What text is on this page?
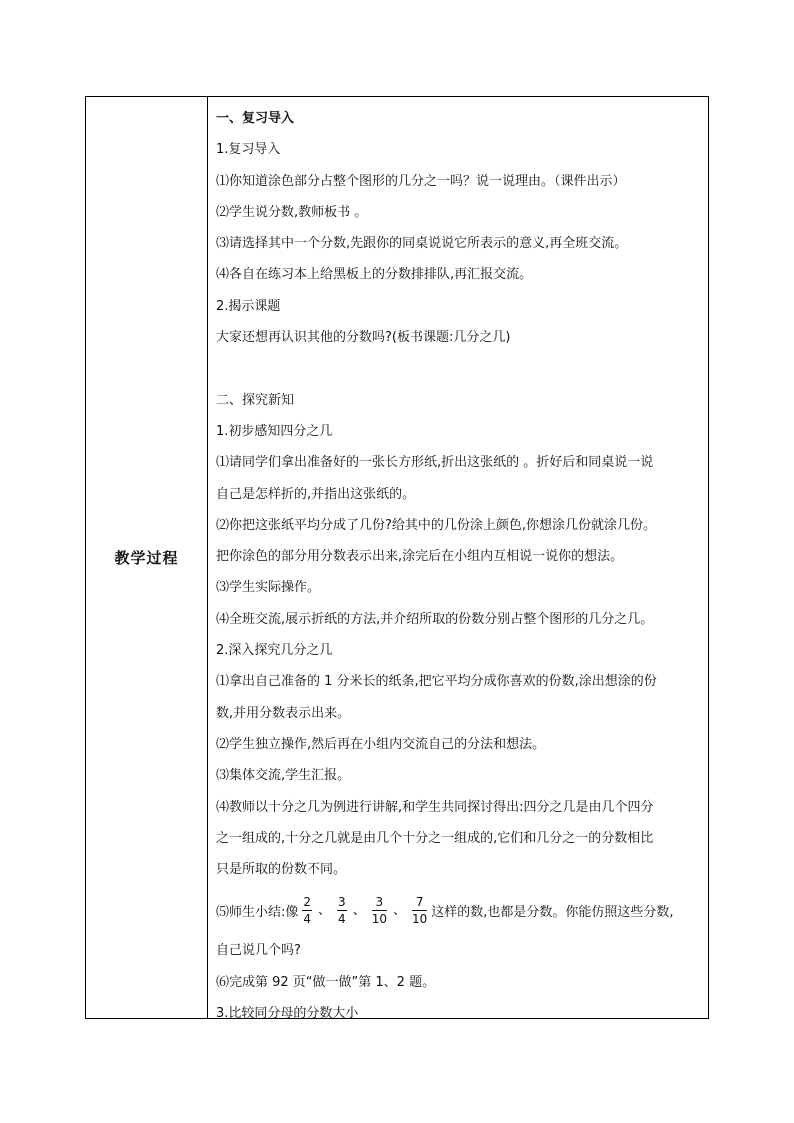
教学过程
一、复习导入
1.复习导入
⑴你知道涂色部分占整个图形的几分之一吗？说一说理由。（课件出示）
⑵学生说分数,教师板书 。
⑶请选择其中一个分数,先跟你的同桌说说它所表示的意义,再全班交流。
⑷各自在练习本上给黑板上的分数排排队,再汇报交流。
2.揭示课题
大家还想再认识其他的分数吗?(板书课题:几分之几)
二、探究新知
1.初步感知四分之几
⑴请同学们拿出准备好的一张长方形纸,折出这张纸的 。折好后和同桌说一说
自己是怎样折的,并指出这张纸的。
⑵你把这张纸平均分成了几份?给其中的几份涂上颜色,你想涂几份就涂几份。
把你涂色的部分用分数表示出来,涂完后在小组内互相说一说你的想法。
⑶学生实际操作。
⑷全班交流,展示折纸的方法,并介绍所取的份数分别占整个图形的几分之几。
2.深入探究几分之几
⑴拿出自己准备的 1 分米长的纸条,把它平均分成你喜欢的份数,涂出想涂的份
数,并用分数表示出来。
⑵学生独立操作,然后再在小组内交流自己的分法和想法。
⑶集体交流,学生汇报。
⑷教师以十分之几为例进行讲解,和学生共同探讨得出:四分之几是由几个四分
之一组成的,十分之几就是由几个十分之一组成的,它们和几分之一的分数相比
只是所取的份数不同。
⑸师生小结:像 $\frac{2}{4}$ 、 $\frac{3}{4}$ 、 $\frac{3}{10}$ 、 $\frac{7}{10}$ 这样的数,也都是分数。你能仿照这些分数,
自己说几个吗?
⑹完成第 92 页“做一做”第 1、2 题。
3.比较同分母的分数大小
